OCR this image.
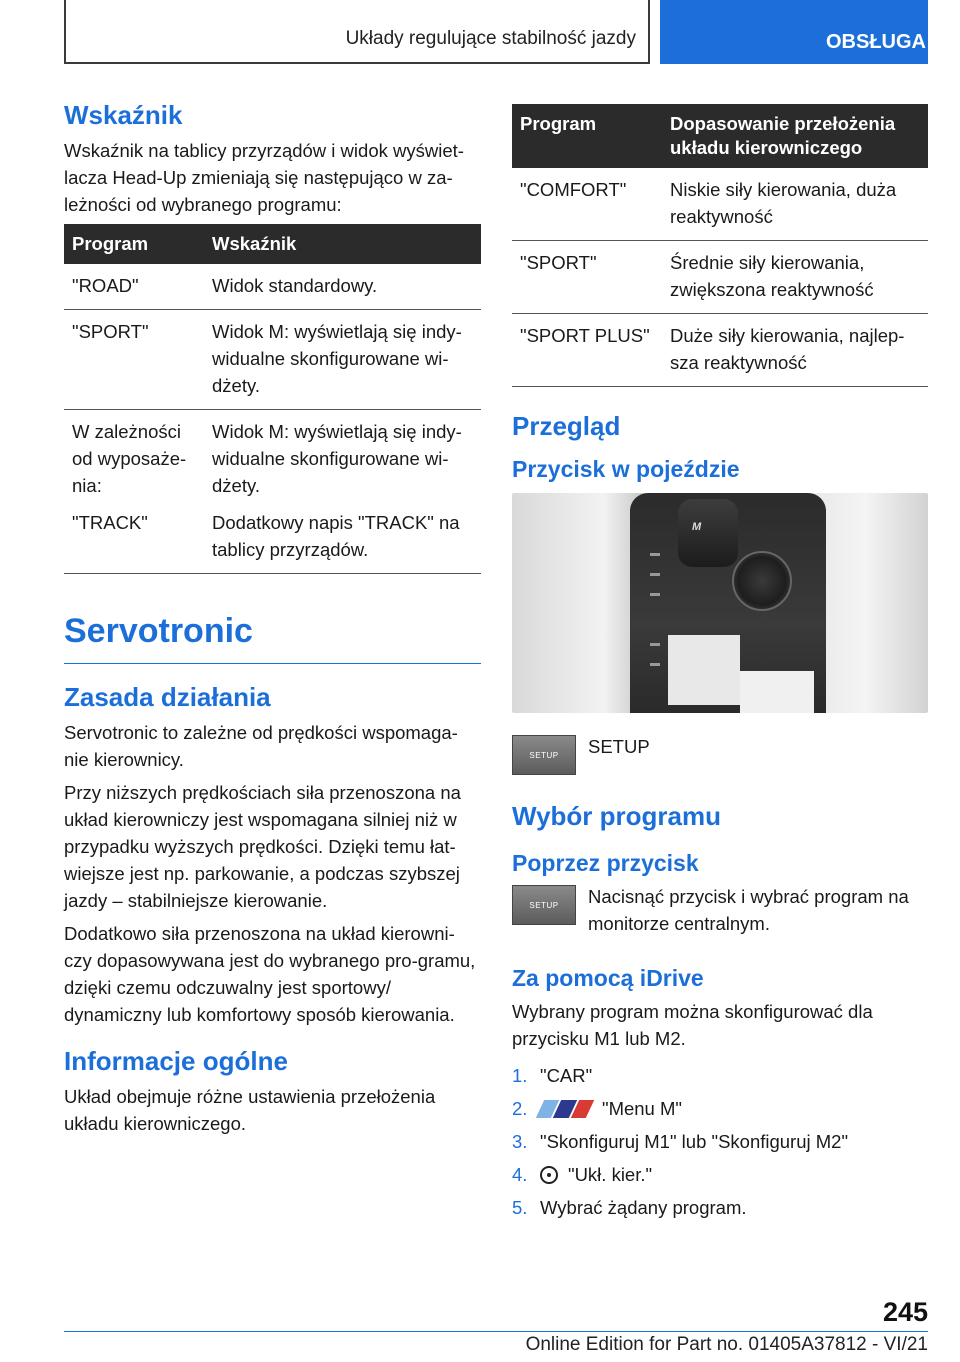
Układy regulujące stabilność jazdy	OBSŁUGA
Wskaźnik

Wskaźnik na tablicy przyrządów i widok wyświet-lacza Head-Up zmieniają się następująco w za-leżności od wybranego programu:

Program	Wskaźnik
"ROAD"	Widok standardowy.
"SPORT"	Widok M: wyświetlają się indy-widualne skonfigurowane wi-dżety.
W zależności od wyposaże-nia:	Widok M: wyświetlają się indy-widualne skonfigurowane wi-dżety.
"TRACK"	Dodatkowy napis "TRACK" na tablicy przyrządów.
Servotronic
Zasada działania

Servotronic to zależne od prędkości wspomaga-nie kierownicy.

Przy niższych prędkościach siła przenoszona na układ kierowniczy jest wspomagana silniej niż w przypadku wyższych prędkości. Dzięki temu łat-wiejsze jest np. parkowanie, a podczas szybszej jazdy – stabilniejsze kierowanie.

Dodatkowo siła przenoszona na układ kierowni-czy dopasowywana jest do wybranego pro-gramu, dzięki czemu odczuwalny jest sportowy/ dynamiczny lub komfortowy sposób kierowania.

Informacje ogólne

Układ obejmuje różne ustawienia przełożenia układu kierowniczego.

Program	Dopasowanie przełożenia układu kierowniczego
"COMFORT"	Niskie siły kierowania, duża reaktywność
"SPORT"	Średnie siły kierowania, zwiększona reaktywność
"SPORT PLUS"	Duże siły kierowania, najlep-sza reaktywność
Przegląd
Przycisk w pojeździe
M
SETUP SETUP
Wybór programu
Poprzez przycisk
SETUP Nacisnąć przycisk i wybrać program na monitorze centralnym.
Za pomocą iDrive

Wybrany program można skonfigurować dla przycisku M1 lub M2.

1. "CAR"
2.	"Menu M"
3. "Skonfiguruj M1" lub "Skonfiguruj M2"
4.	"Ukł. kier."
5. Wybrać żądany program.
245
Online Edition for Part no. 01405A37812 - VI/21
